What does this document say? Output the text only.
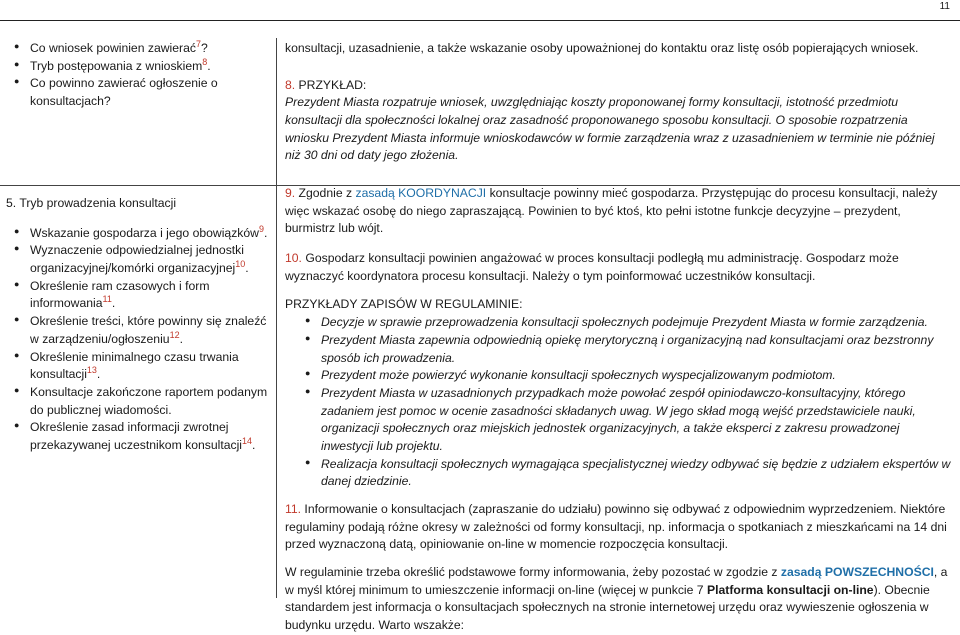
11
● Co wniosek powinien zawierać$^7$?
● Tryb postępowania z wnioskiem$^8$.
● Co powinno zawierać ogłoszenie o konsultacjach?

5. Tryb prowadzenia konsultacji

● Wskazanie gospodarza i jego obowiązków$^9$.
● Wyznaczenie odpowiedzialnej jednostki organizacyjnej/komórki organizacyjnej$^{10}$.
● Określenie ram czasowych i form informowania$^{11}$.
● Określenie treści, które powinny się znaleźć w zarządzeniu/ogłoszeniu$^{12}$.
● Określenie minimalnego czasu trwania konsultacji$^{13}$.
● Konsultacje zakończone raportem podanym do publicznej wiadomości.
● Określenie zasad informacji zwrotnej przekazywanej uczestnikom konsultacji$^{14}$.

konsultacji, uzasadnienie, a także wskazanie osoby upoważnionej do kontaktu oraz listę osób popierających wniosek.

8. PRZYKŁAD:
Prezydent Miasta rozpatruje wniosek, uwzględniając koszty proponowanej formy konsultacji, istotność przedmiotu konsultacji dla społeczności lokalnej oraz zasadność proponowanego sposobu konsultacji. O sposobie rozpatrzenia wniosku Prezydent Miasta informuje wnioskodawców w formie zarządzenia wraz z uzasadnieniem w terminie nie później niż 30 dni od daty jego złożenia.

9. Zgodnie z zasadą KOORDYNACJI konsultacje powinny mieć gospodarza. Przystępując do procesu konsultacji, należy więc wskazać osobę do niego zapraszającą. Powinien to być ktoś, kto pełni istotne funkcje decyzyjne – prezydent, burmistrz lub wójt.

10. Gospodarz konsultacji powinien angażować w proces konsultacji podległą mu administrację. Gospodarz może wyznaczyć koordynatora procesu konsultacji. Należy o tym poinformować uczestników konsultacji.

PRZYKŁADY ZAPISÓW W REGULAMINIE:

● Decyzje w sprawie przeprowadzenia konsultacji społecznych podejmuje Prezydent Miasta w formie zarządzenia.
● Prezydent Miasta zapewnia odpowiednią opiekę merytoryczną i organizacyjną nad konsultacjami oraz bezstronny sposób ich prowadzenia.
● Prezydent może powierzyć wykonanie konsultacji społecznych wyspecjalizowanym podmiotom.
● Prezydent Miasta w uzasadnionych przypadkach może powołać zespół opiniodawczo-konsultacyjny, którego zadaniem jest pomoc w ocenie zasadności składanych uwag. W jego skład mogą wejść przedstawiciele nauki, organizacji społecznych oraz miejskich jednostek organizacyjnych, a także eksperci z zakresu prowadzonej inwestycji lub projektu.
● Realizacja konsultacji społecznych wymagająca specjalistycznej wiedzy odbywać się będzie z udziałem ekspertów w danej dziedzinie.

11. Informowanie o konsultacjach (zapraszanie do udziału) powinno się odbywać z odpowiednim wyprzedzeniem. Niektóre regulaminy podają różne okresy w zależności od formy konsultacji, np. informacja o spotkaniach z mieszkańcami na 14 dni przed wyznaczoną datą, opiniowanie on-line w momencie rozpoczęcia konsultacji.

W regulaminie trzeba określić podstawowe formy informowania, żeby pozostać w zgodzie z zasadą POWSZECHNOŚCI, a w myśl której minimum to umieszczenie informacji on-line (więcej w punkcie 7 Platforma konsultacji on-line). Obecnie standardem jest informacja o konsultacjach społecznych na stronie internetowej urzędu oraz wywieszenie ogłoszenia w budynku urzędu. Warto wszakże:
